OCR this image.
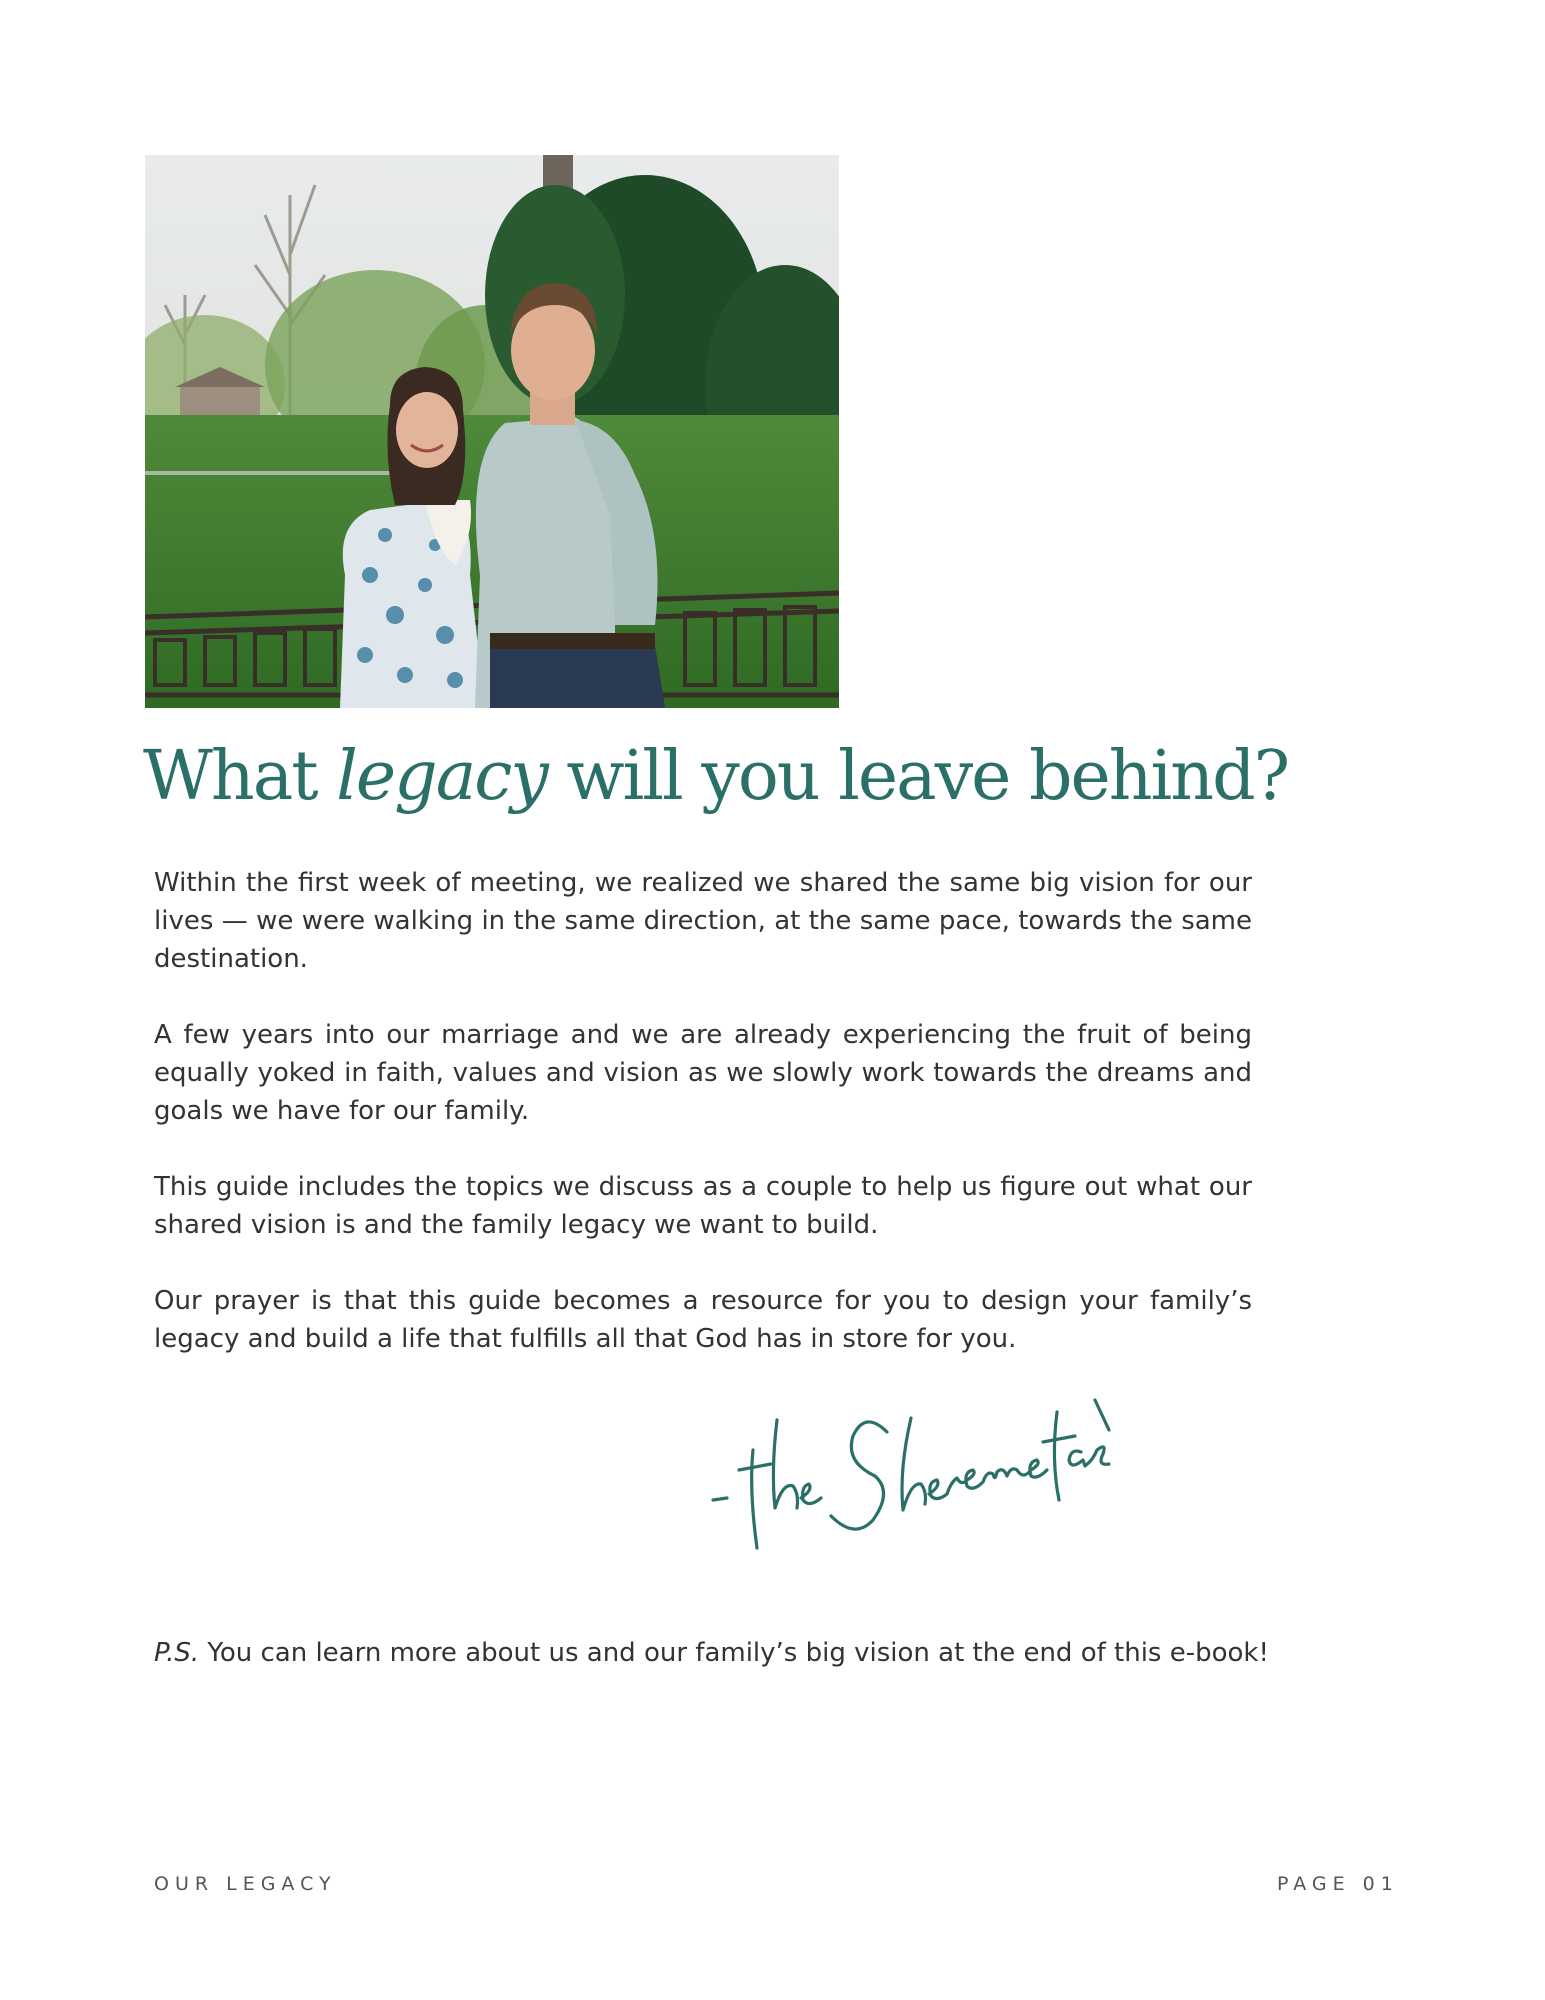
What legacy will you leave behind?

Within the first week of meeting, we realized we shared the same big vision for our lives — we were walking in the same direction, at the same pace, towards the same destination.

A few years into our marriage and we are already experiencing the fruit of being equally yoked in faith, values and vision as we slowly work towards the dreams and goals we have for our family.

This guide includes the topics we discuss as a couple to help us figure out what our shared vision is and the family legacy we want to build.

Our prayer is that this guide becomes a resource for you to design your family’s legacy and build a life that fulfills all that God has in store for you.

P.S. You can learn more about us and our family’s big vision at the end of this e-book!

OUR LEGACY	PAGE 01
